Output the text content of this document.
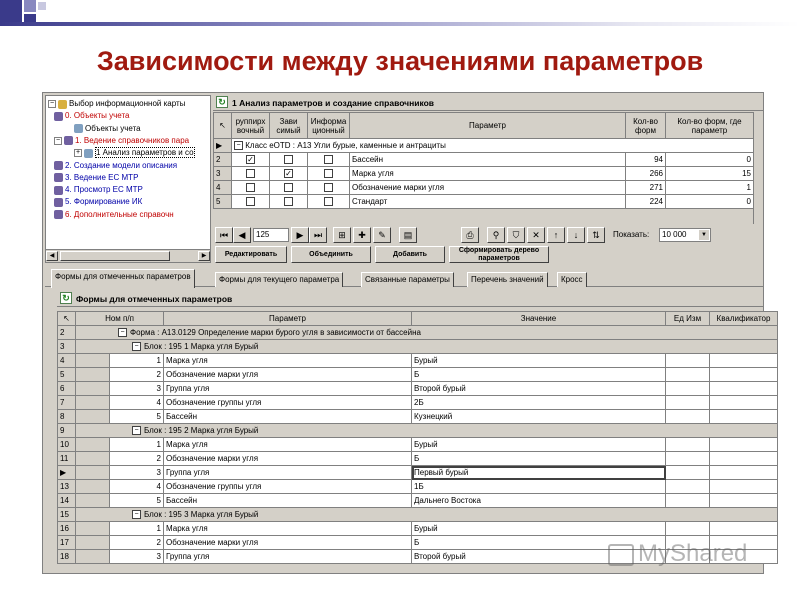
Зависимости между значениями параметров
− Выбор информационной карты
0. Объекты учета
Объекты учета
− 1. Ведение справочников пара
+ 1 Анализ параметров и со
2. Создание модели описания
3. Ведение ЕС МТР
4. Просмотр ЕС МТР
5. Формирование ИК
6. Дополнительные справочн
◀	▶
↻ 1 Анализ параметров и создание справочников
↖	руппирх вочный	Зави симый	Информа ционный	Параметр	Кол-во форм	Кол-во форм, где параметр
▶	− Класс еОТD : А13 Угли бурые, каменные и антрациты					
2	✓			Бассейн	94	0
3		✓		Марка угля	266	15
4				Обозначение марки угля	271	1
5				Стандарт	224	0
⏮	◀	125	▶	⏭	⊞	✚	✎	▤	⎙	⚲	⛉	✕	↑	↓	⇅	Показать:	10 000	▼
Редактировать	Объединить	Добавить
Сформировать дерево параметров
Формы для отмеченных параметров	Формы для текущего параметра	Связанные параметры	Перечень значений	Кросс
↻ Формы для отмеченных параметров
↖	Ном п/п		Параметр	Значение	Ед Изм	Квалификатор
2	− Форма : А13.0129 Определение марки бурого угля в зависимости от бассейна					
3	− Блок : 195 1 Марка угля Бурый					
4		1	Марка угля	Бурый		
5		2	Обозначение марки угля	Б		
6		3	Группа угля	Второй бурый		
7		4	Обозначение группы угля	2Б		
8		5	Бассейн	Кузнецкий		
9	− Блок : 195 2 Марка угля Бурый					
10		1	Марка угля	Бурый		
11		2	Обозначение марки угля	Б		
▶		3	Группа угля	Первый бурый		
13		4	Обозначение группы угля	1Б		
14		5	Бассейн	Дальнего Востока		
15	− Блок : 195 3 Марка угля Бурый					
16		1	Марка угля	Бурый		
17		2	Обозначение марки угля	Б		
18		3	Группа угля	Второй бурый			MyShared
